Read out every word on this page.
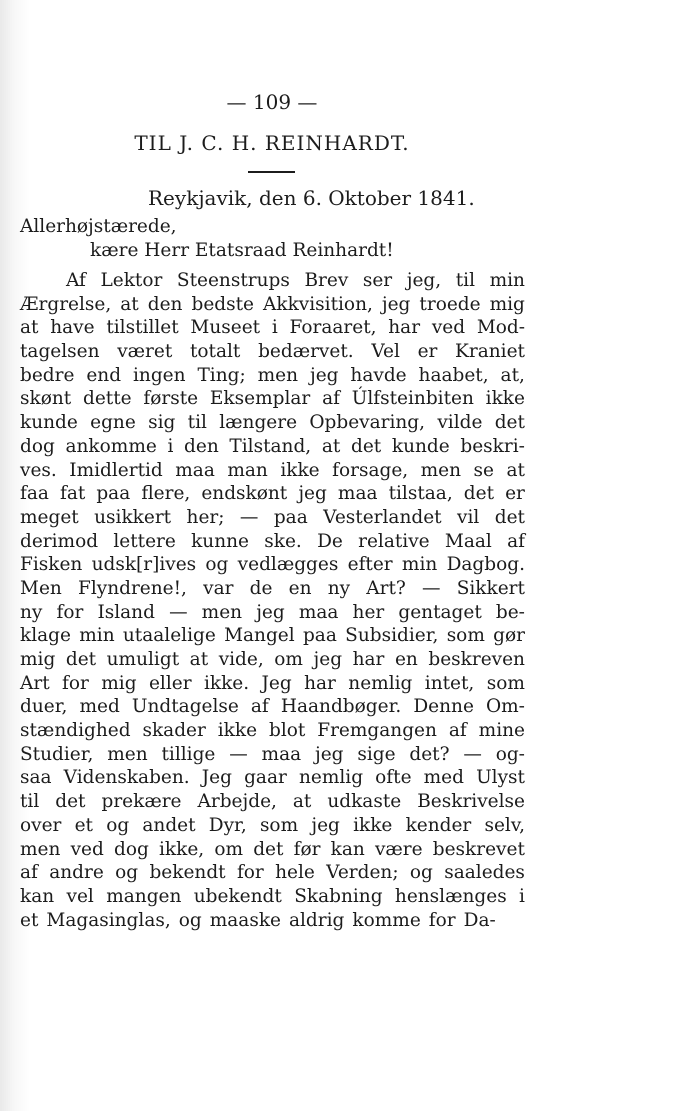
— 109 —
TIL J. C. H. REINHARDT.
Reykjavik, den 6. Oktober 1841.
Allerhøjstærede,
kære Herr Etatsraad Reinhardt!
Af Lektor Steenstrups Brev ser jeg, til min
Ærgrelse, at den bedste Akkvisition, jeg troede mig
at have tilstillet Museet i Foraaret, har ved Mod-
tagelsen været totalt bedærvet. Vel er Kraniet
bedre end ingen Ting; men jeg havde haabet, at,
skønt dette første Eksemplar af Úlfsteinbiten ikke
kunde egne sig til længere Opbevaring, vilde det
dog ankomme i den Tilstand, at det kunde beskri-
ves. Imidlertid maa man ikke forsage, men se at
faa fat paa flere, endskønt jeg maa tilstaa, det er
meget usikkert her; — paa Vesterlandet vil det
derimod lettere kunne ske. De relative Maal af
Fisken udsk[r]ives og vedlægges efter min Dagbog.
Men Flyndrene!, var de en ny Art? — Sikkert
ny for Island — men jeg maa her gentaget be-
klage min utaalelige Mangel paa Subsidier, som gør
mig det umuligt at vide, om jeg har en beskreven
Art for mig eller ikke. Jeg har nemlig intet, som
duer, med Undtagelse af Haandbøger. Denne Om-
stændighed skader ikke blot Fremgangen af mine
Studier, men tillige — maa jeg sige det? — og-
saa Videnskaben. Jeg gaar nemlig ofte med Ulyst
til det prekære Arbejde, at udkaste Beskrivelse
over et og andet Dyr, som jeg ikke kender selv,
men ved dog ikke, om det før kan være beskrevet
af andre og bekendt for hele Verden; og saaledes
kan vel mangen ubekendt Skabning henslænges i
et Magasinglas, og maaske aldrig komme for Da-
